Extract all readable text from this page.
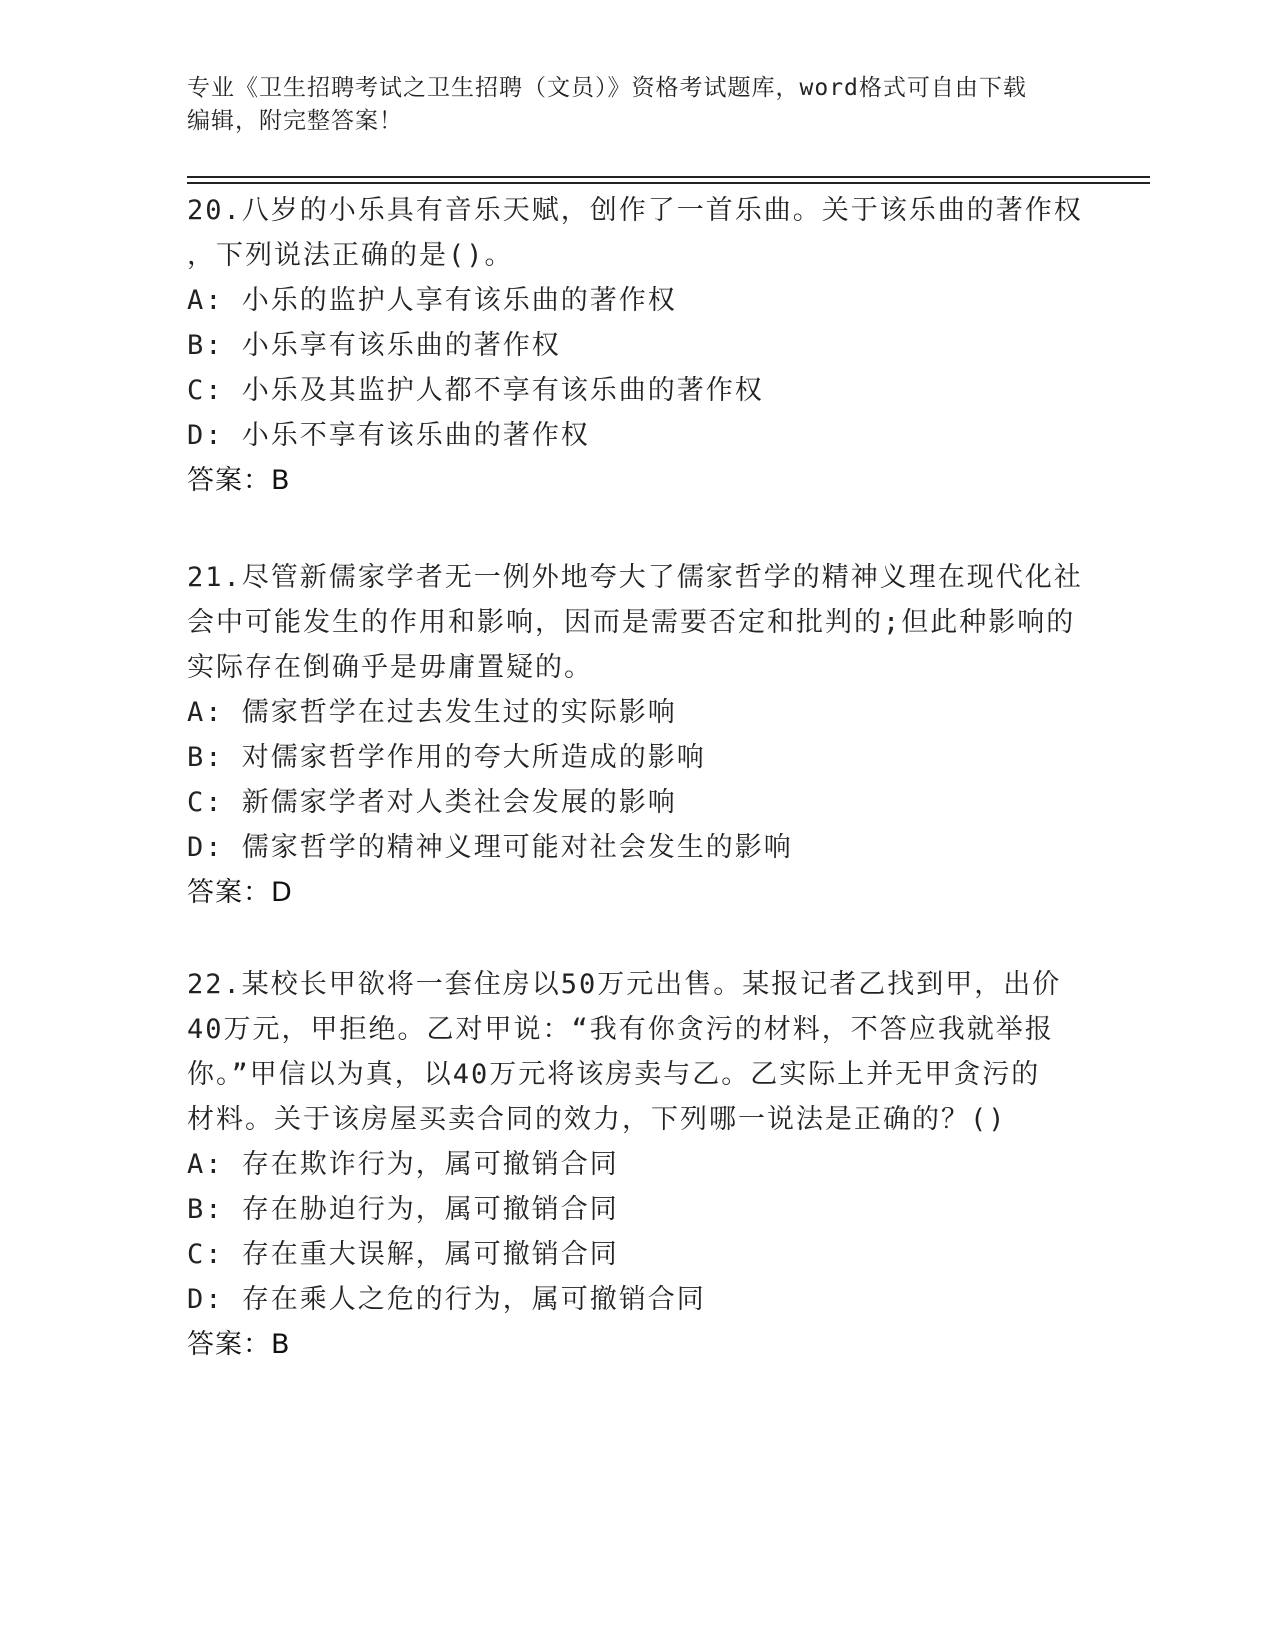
专业《卫生招聘考试之卫生招聘（文员）》资格考试题库，word格式可自由下载
编辑，附完整答案！
20.八岁的小乐具有音乐天赋，创作了一首乐曲。关于该乐曲的著作权
，下列说法正确的是()。
A: 小乐的监护人享有该乐曲的著作权
B: 小乐享有该乐曲的著作权
C: 小乐及其监护人都不享有该乐曲的著作权
D: 小乐不享有该乐曲的著作权
答案：B
21.尽管新儒家学者无一例外地夸大了儒家哲学的精神义理在现代化社
会中可能发生的作用和影响，因而是需要否定和批判的;但此种影响的
实际存在倒确乎是毋庸置疑的。
A: 儒家哲学在过去发生过的实际影响
B: 对儒家哲学作用的夸大所造成的影响
C: 新儒家学者对人类社会发展的影响
D: 儒家哲学的精神义理可能对社会发生的影响
答案：D
22.某校长甲欲将一套住房以50万元出售。某报记者乙找到甲，出价
40万元，甲拒绝。乙对甲说：“我有你贪污的材料，不答应我就举报
你。”甲信以为真，以40万元将该房卖与乙。乙实际上并无甲贪污的
材料。关于该房屋买卖合同的效力，下列哪一说法是正确的？()
A: 存在欺诈行为，属可撤销合同
B: 存在胁迫行为，属可撤销合同
C: 存在重大误解，属可撤销合同
D: 存在乘人之危的行为，属可撤销合同
答案：B
